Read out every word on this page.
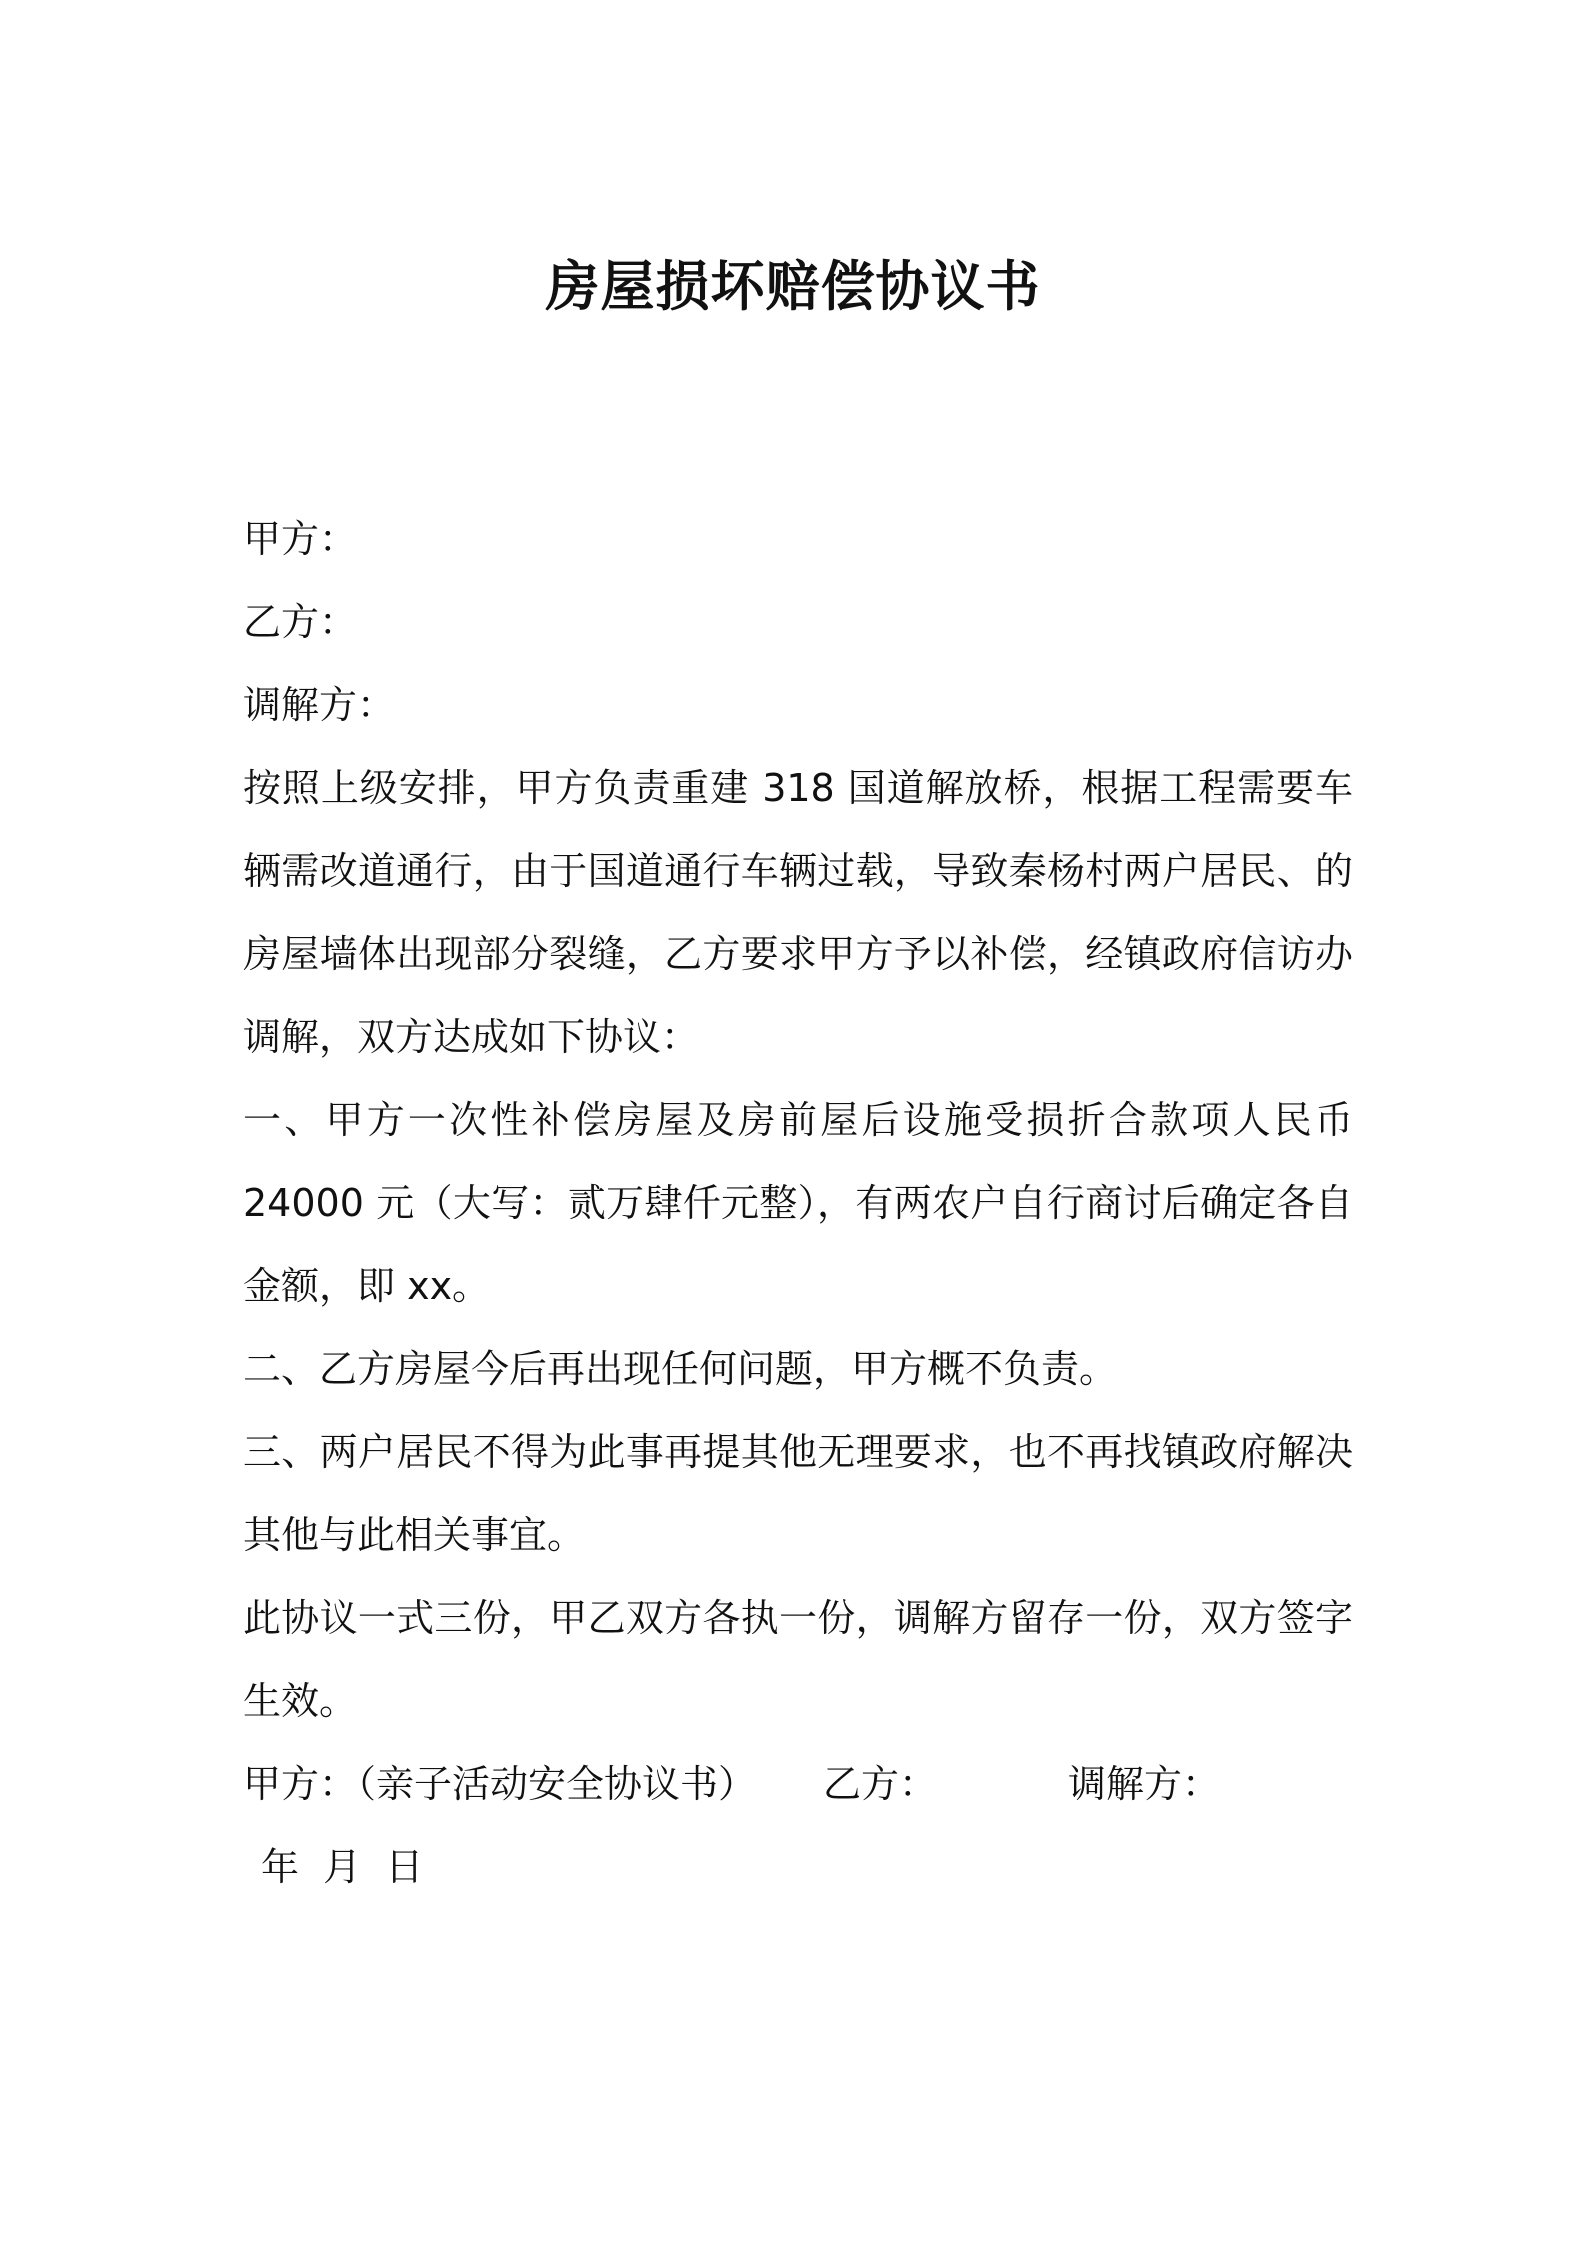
房屋损坏赔偿协议书
甲方：
乙方：
调解方：
按照上级安排，甲方负责重建 318 国道解放桥，根据工程需要车辆需改道通行，由于国道通行车辆过载，导致秦杨村两户居民、的房屋墙体出现部分裂缝，乙方要求甲方予以补偿，经镇政府信访办调解，双方达成如下协议：
一、甲方一次性补偿房屋及房前屋后设施受损折合款项人民币 24000 元（大写：贰万肆仟元整），有两农户自行商讨后确定各自金额，即 xx。
二、乙方房屋今后再出现任何问题，甲方概不负责。
三、两户居民不得为此事再提其他无理要求，也不再找镇政府解决其他与此相关事宜。
此协议一式三份，甲乙双方各执一份，调解方留存一份，双方签字生效。
甲方：（亲子活动安全协议书） 乙方：	调解方：
年  月  日
